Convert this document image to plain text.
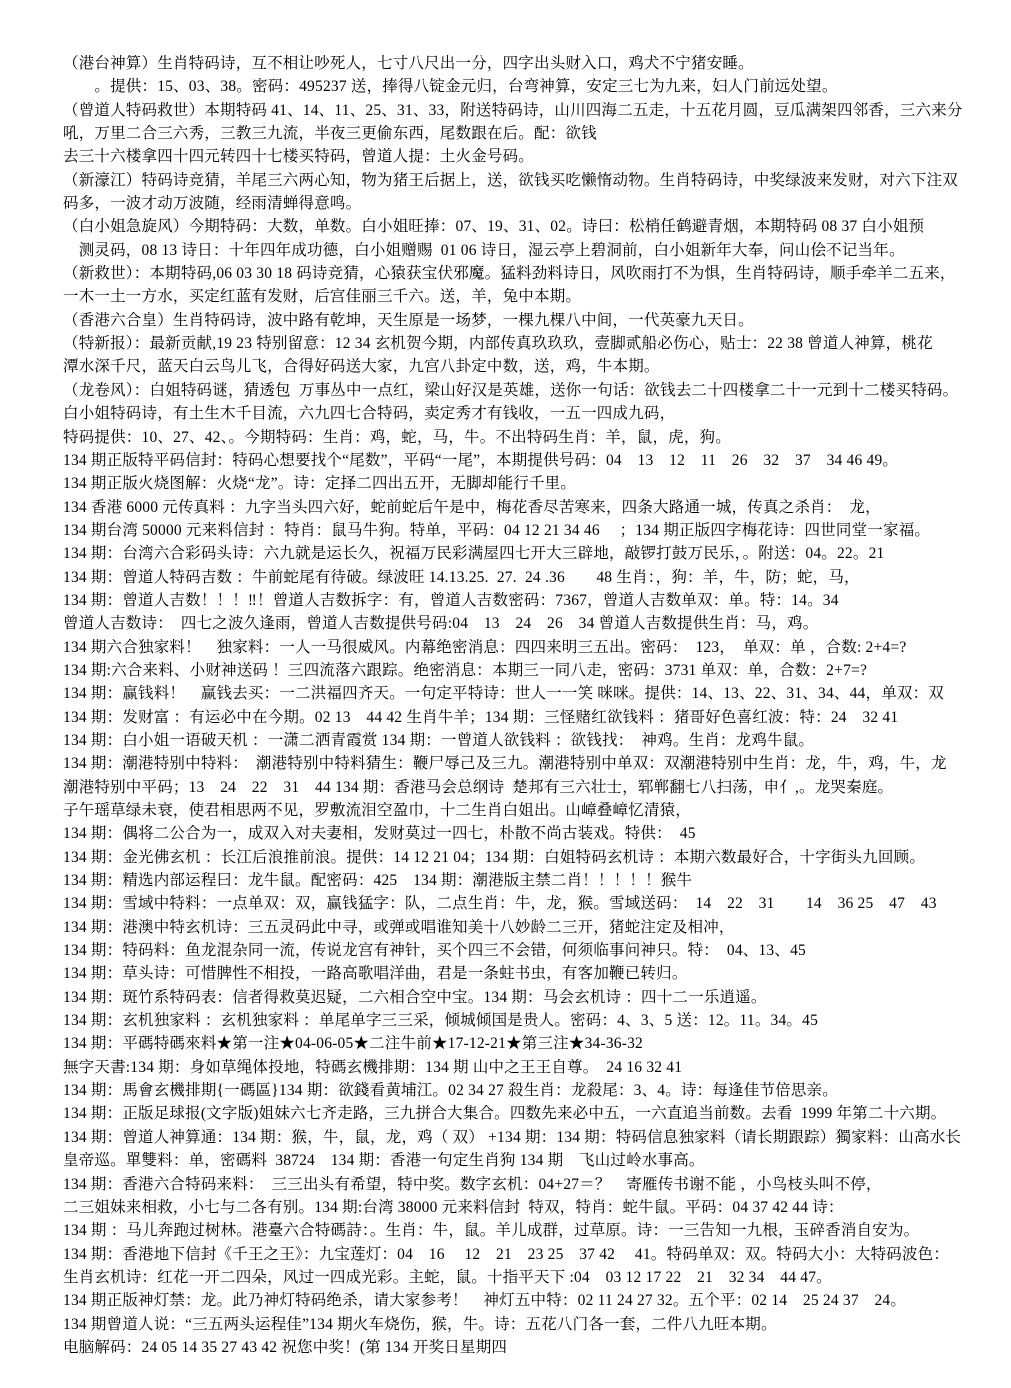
（港台神算）生肖特码诗，互不相让吵死人，七寸八尺出一分，四字出头财入口，鸡犬不宁猪安睡。
　　。提供：15、03、38。密码：495237 送，捧得八锭金元归，台弯神算，安定三七为九来，妇人门前远处望。
（曾道人特码救世）本期特码 41、14、11、25、31、33，附送特码诗，山川四海二五走，十五花月圆，豆瓜满架四邻香，三六来分
吼，万里二合三六秀，三教三九流，半夜三更偷东西，尾数跟在后。配：欲钱
去三十六楼拿四十四元转四十七楼买特码，曾道人提：土火金号码。
（新濠江）特码诗竞猜，羊尾三六两心知，物为猪王后据上，送，欲钱买吃懒惰动物。生肖特码诗，中奖绿波来发财，对六下注双
码多，一波才动万波随，经雨清蝉得意鸣。
（白小姐急旋风）今期特码：大数，单数。白小姐旺捧：07、19、31、02。诗曰：松梢任鹤避青烟，本期特码 08 37 白小姐预
　测灵码，08 13 诗日：十年四年成功德，白小姐赠赐  01 06 诗日，湿云亭上碧洞前，白小姐新年大奉，问山侩不记当年。
（新救世）：本期特码,06 03 30 18 码诗竞猜，心猿获宝伏邪魔。猛料劲料诗日，风吹雨打不为惧，生肖特码诗，顺手牵羊二五来，
一木一土一方水，买定红蓝有发财，后宫佳丽三千六。送，羊，兔中本期。
（香港六合皇）生肖特码诗，波中路有乾坤，天生原是一场梦，一棵九棵八中间，一代英豪九天日。
（特新报）：最新贡献,19 23 特别留意：12 34 玄机贺今期，内部传真玖玖玖，壹脚贰船必伤心，贴士：22 38 曾道人神算，桃花
潭水深千尺，蓝天白云鸟儿飞，合得好码送大家，九宫八卦定中数，送，鸡，牛本期。
（龙卷风）：白姐特码谜，猜透包  万事丛中一点红，梁山好汉是英雄，送你一句话：欲钱去二十四楼拿二十一元到十二楼买特码。
白小姐特码诗，有土生木千目流，六九四七合特码，卖定秀才有钱收，一五一四成九码，
特码提供：10、27、42、。今期特码：生肖：鸡，蛇，马，牛。不出特码生肖：羊，鼠，虎，狗。
134 期正版特平码信封：特码心想要找个“尾数”，平码“一尾”，本期提供号码：04　13　12　11　26　32　37　34 46 49。
134 期正版火烧图解：火烧“龙”。诗：定择二四出五开，无脚却能行千里。
134 香港 6000 元传真料 ：九字当头四六好，蛇前蛇后午是中，梅花香尽苦寒来，四条大路通一城，传真之杀肖：　龙，
134 期台湾 50000 元来料信封 ：特肖：鼠马牛狗。特单，平码：04 12 21 34 46 　；134 期正版四字梅花诗：四世同堂一家福。
134 期：台湾六合彩码头诗：六九就是运长久，祝福万民彩满屋四七开大三辟地，敲锣打鼓万民乐，。附送：04。22。21
134 期：曾道人特码吉数 ：牛前蛇尾有待破。绿波旺 14.13.25.  27.  24 .36　　48 生肖：，狗：羊，牛，防；蛇，马，
134 期：曾道人吉数！！！‼！曾道人吉数拆字：有，曾道人吉数密码：7367，曾道人吉数单双：单。特：14。34
曾道人吉数诗：　四七之波久逢雨，曾道人吉数提供号码:04　13　24　26　34 曾道人吉数提供生肖：马，鸡。
134 期六合独家料！　独家料：一人一马很威风。内幕绝密消息：四四来明三五出。密码：　123，　单双：单 ，合数: 2+4=?
134 期:六合来料、小财神送码 ！三四流落六跟踪。绝密消息：本期三一同八走，密码：3731 单双：单，合数：2+7=?
134 期：赢钱料！　赢钱去买：一二洪福四齐天。一句定平特诗：世人一一笑 咪咪。提供：14、13、22、31、34、44，单双：双
134 期：发财富 ：有运必中在今期。02 13　44 42 生肖牛羊；134 期：三怪赌红欲钱料 ：猪哥好色喜红波：特：24　32 41
134 期：白小姐一语破天机 ：一潇二洒青霞赏 134 期：一曾道人欲钱料 ：欲钱找：　神鸡。生肖：龙鸡牛鼠。
134 期：潮港特别中特料：　潮港特别中特料猜生：鞭尸辱己及三九。潮港特别中单双：双潮港特别中生肖：龙，牛，鸡，牛，龙
潮港特别中平码；13　24　22　31　44 134 期：香港马会总纲诗  楚邦有三六壮士，郓郸翻七八扫荡，申亻,。龙哭秦庭。
子午瑶草绿未衰，使君相思两不见，罗敷流泪空盈巾，十二生肖白姐出。山嶂叠嶂忆清猿，
134 期：偶将二公合为一，成双入对夫妻相，发财莫过一四七，朴散不尚古装戏。特供：　45
134 期：金光佛玄机 ：长江后浪推前浪。提供：14 12 21 04；134 期：白姐特码玄机诗 ：本期六数最好合，十字街头九回顾。
134 期：精选内部运程曰：龙牛鼠。配密码：425　134 期：潮港版主禁二肖！！！！！猴牛
134 期：雪域中特料：一点单双：双，赢钱猛字：队，二点生肖：牛，龙，猴。雪域送码：　14　22　31　　14　36 25　47　43
134 期：港澳中特玄机诗：三五灵码此中寻，或弹或唱谁知美十八妙龄二三开，猪蛇注定及相冲，
134 期：特码料：鱼龙混杂同一流，传说龙宫有神针，买个四三不会错，何须临事问神只。特：　04、13、45
134 期：草头诗：可惜脾性不相投，一路高歌唱洋曲，君是一条蛀书虫，有客加鞭已转归。
134 期：斑竹系特码表：信者得救莫迟疑，二六相合空中宝。134 期：马会玄机诗 ：四十二一乐逍遥。
134 期：玄机独家料 ：玄机独家料 ：单尾单字三三采，倾城倾国是贵人。密码：4、3、5 送：12。11。34。45
134 期：平碼特碼來料★第一注★04-06-05★二注牛前★17-12-21★第三注★34-36-32
無字天書:134 期：身如草绳体投地，特碼玄機排期：134 期 山中之王王自尊。　24 16 32 41
134 期：馬會玄機排期{一碼區}134 期：欲錢看黄埔江。02 34 27 殺生肖：龙殺尾：3、4。诗：每逢佳节倍思亲。
134 期：正版足球报(文字版)姐妹六七齐走路，三九拼合大集合。四数先来必中五，一六直追当前数。去看  1999 年第二十六期。
134 期：曾道人神算通：134 期：猴，牛，鼠，龙，鸡（ 双） +134 期：134 期：特码信息独家料（请长期跟踪）獨家料：山高水长
皇帝巡。單雙料：单，密碼料  38724　134 期：香港一句定生肖狗 134 期　飞山过岭水事高。
134 期：香港六合特码来料：　三三出头有希望，特中奖。数字玄机：04+27＝？　寄雁传书谢不能 ，小鸟枝头叫不停，
二三姐妹来相救，小七与二各有别。134 期:台湾 38000 元来料信封  特双，特肖：蛇牛鼠。平码：04 37 42 44 诗：
134 期 ：马儿奔跑过树林。港臺六合特碼詩：。生肖：牛，鼠。羊儿成群，过草原。诗：一三告知一九根，玉碎香消自安为。
134 期：香港地下信封《千王之王》：九宝莲灯：04　16　 12　21　23 25　37 42　 41。特码单双：双。特码大小：大特码波色：
生肖玄机诗：红花一开二四朵，风过一四成光彩。主蛇，鼠。十指平天下 :04　03 12 17 22　21　32 34　44 47。
134 期正版神灯禁：龙。此乃神灯特码绝杀，请大家参考！　神灯五中特：02 11 24 27 32。五个平：02 14　25 24 37　24。
134 期曾道人说：“三五两头运程佳”134 期火车烧伤，猴，牛。诗：五花八门各一套，二件八九旺本期。
电脑解码：24 05 14 35 27 43 42 祝您中奖！(第 134 开奖日星期四
